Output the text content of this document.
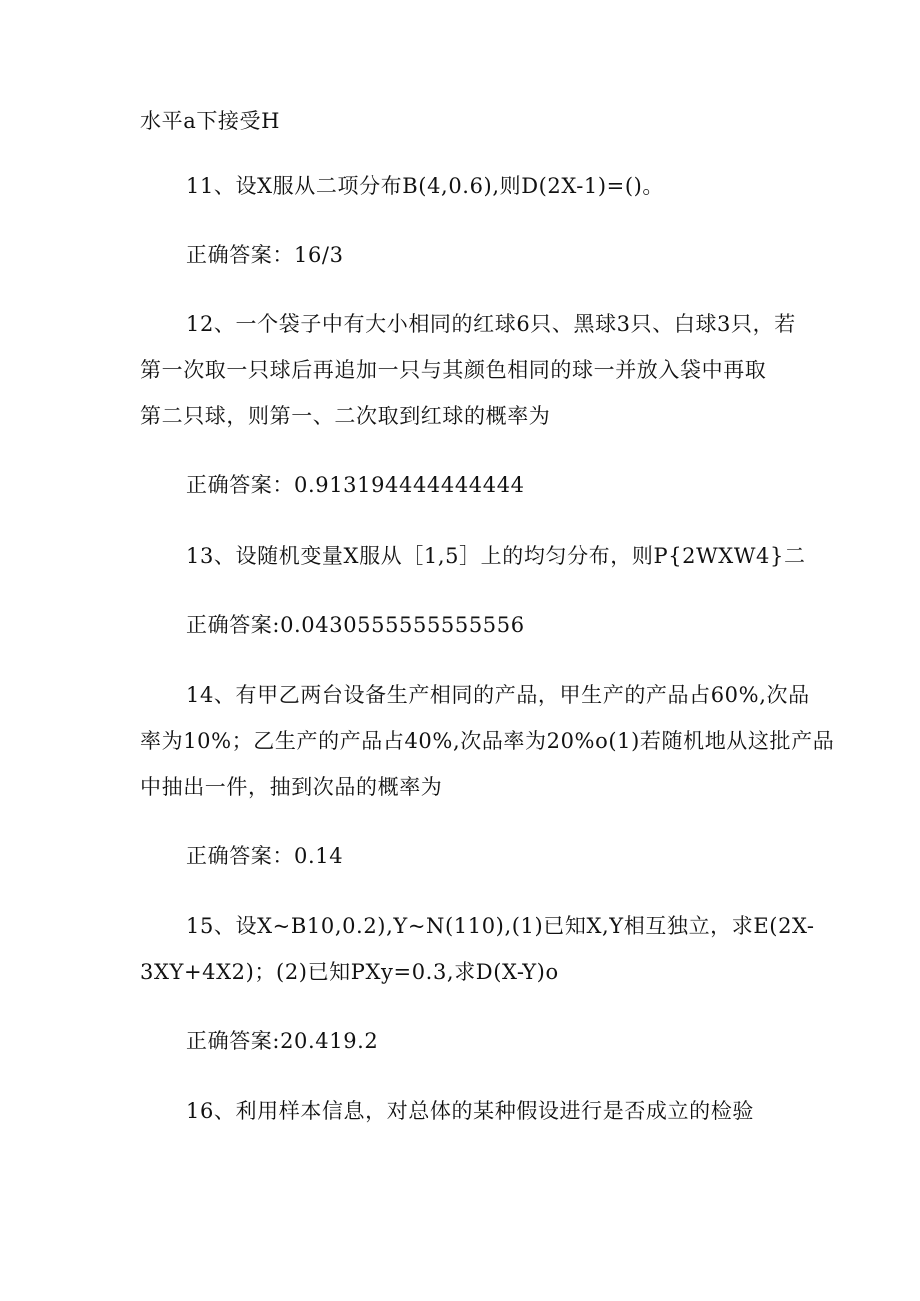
水平a下接受H
11、设X服从二项分布B(4,0.6),则D(2X-1)=()。
正确答案：16/3
12、一个袋子中有大小相同的红球6只、黑球3只、白球3只，若
第一次取一只球后再追加一只与其颜色相同的球一并放入袋中再取
第二只球，则第一、二次取到红球的概率为
正确答案：0.913194444444444
13、设随机变量X服从［1,5］上的均匀分布，则P{2WXW4}二
正确答案:0.0430555555555556
14、有甲乙两台设备生产相同的产品，甲生产的产品占60%,次品
率为10%；乙生产的产品占40%,次品率为20%o(1)若随机地从这批产品
中抽出一件，抽到次品的概率为
正确答案：0.14
15、设X~B10,0.2),Y~N(110),(1)已知X,Y相互独立，求E(2X-
3XY+4X2)；(2)已知PXy=0.3,求D(X-Y)o
正确答案:20.419.2
16、利用样本信息，对总体的某种假设进行是否成立的检验
